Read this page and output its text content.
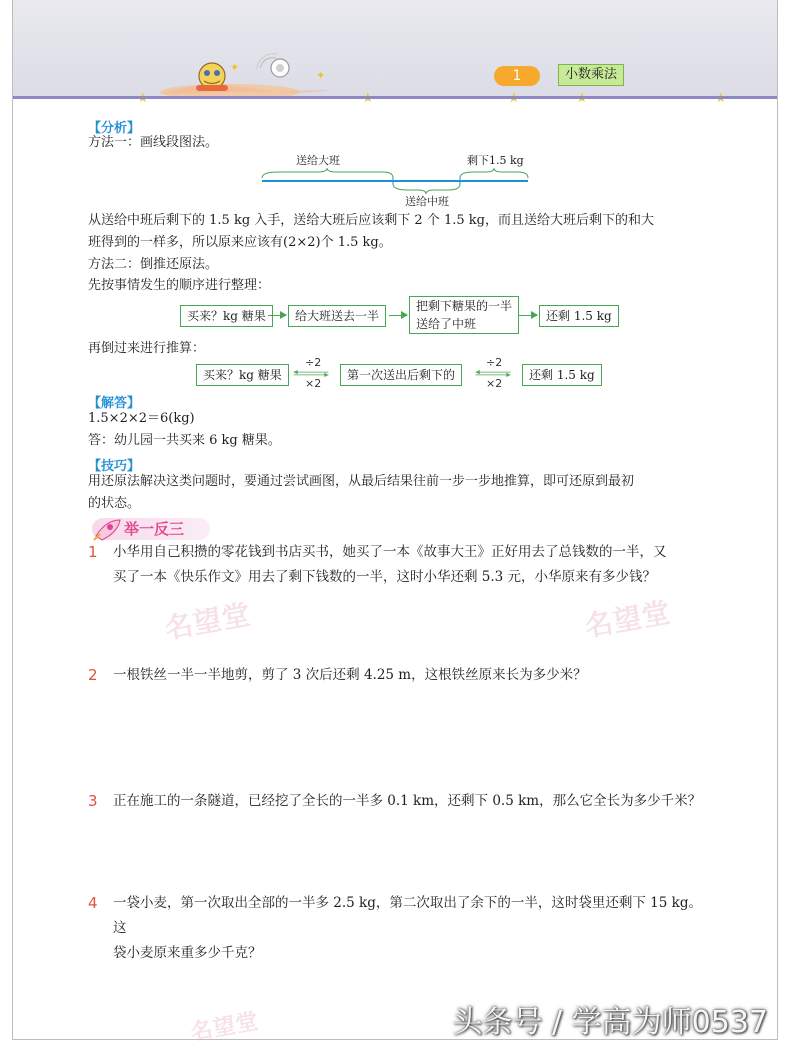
✦
✦	1	小数乘法
【分析】
方法一：画线段图法。
送给大班	剩下1.5 kg
送给中班
从送给中班后剩下的 1.5 kg 入手，送给大班后应该剩下 2 个 1.5 kg，而且送给大班后剩下的和大
班得到的一样多，所以原来应该有(2×2)个 1.5 kg。
方法二：倒推还原法。
先按事情发生的顺序进行整理：
买来？kg 糖果	给大班送去一半
把剩下糖果的一半
送给了中班
还剩 1.5 kg
再倒过来进行推算：
买来？kg 糖果
÷2
×2
第一次送出后剩下的
÷2
×2
还剩 1.5 kg
【解答】
1.5×2×2＝6(kg)
答：幼儿园一共买来 6 kg 糖果。
【技巧】
用还原法解决这类问题时，要通过尝试画图，从最后结果往前一步一步地推算，即可还原到最初
的状态。
举一反三
名望堂	名望堂
名望堂
1 小华用自己积攒的零花钱到书店买书，她买了一本《故事大王》正好用去了总钱数的一半，又
买了一本《快乐作文》用去了剩下钱数的一半，这时小华还剩 5.3 元，小华原来有多少钱？
2 一根铁丝一半一半地剪，剪了 3 次后还剩 4.25 m，这根铁丝原来长为多少米？
3 正在施工的一条隧道，已经挖了全长的一半多 0.1 km，还剩下 0.5 km，那么它全长为多少千米？
4 一袋小麦，第一次取出全部的一半多 2.5 kg，第二次取出了余下的一半，这时袋里还剩下 15 kg。这
袋小麦原来重多少千克？
头条号 / 学高为师0537
